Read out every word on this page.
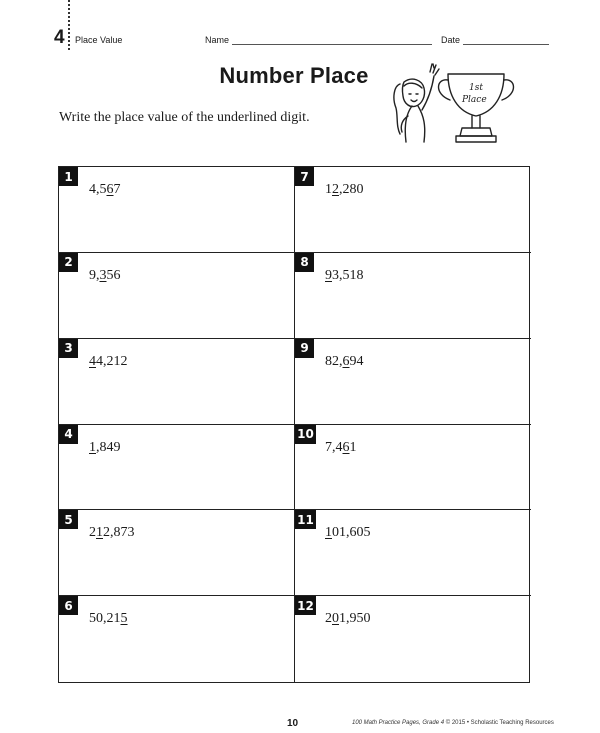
4 Place Value	Name	Date
Number Place
Write the place value of the underlined digit.
1st
Place
1
4,567
7
12,280
2
9,356
8
93,518
3
44,212
9
82,694
4
1,849
10
7,461
5
212,873
11
101,605
6
50,215
12
201,950
10	100 Math Practice Pages, Grade 4 © 2015 • Scholastic Teaching Resources
